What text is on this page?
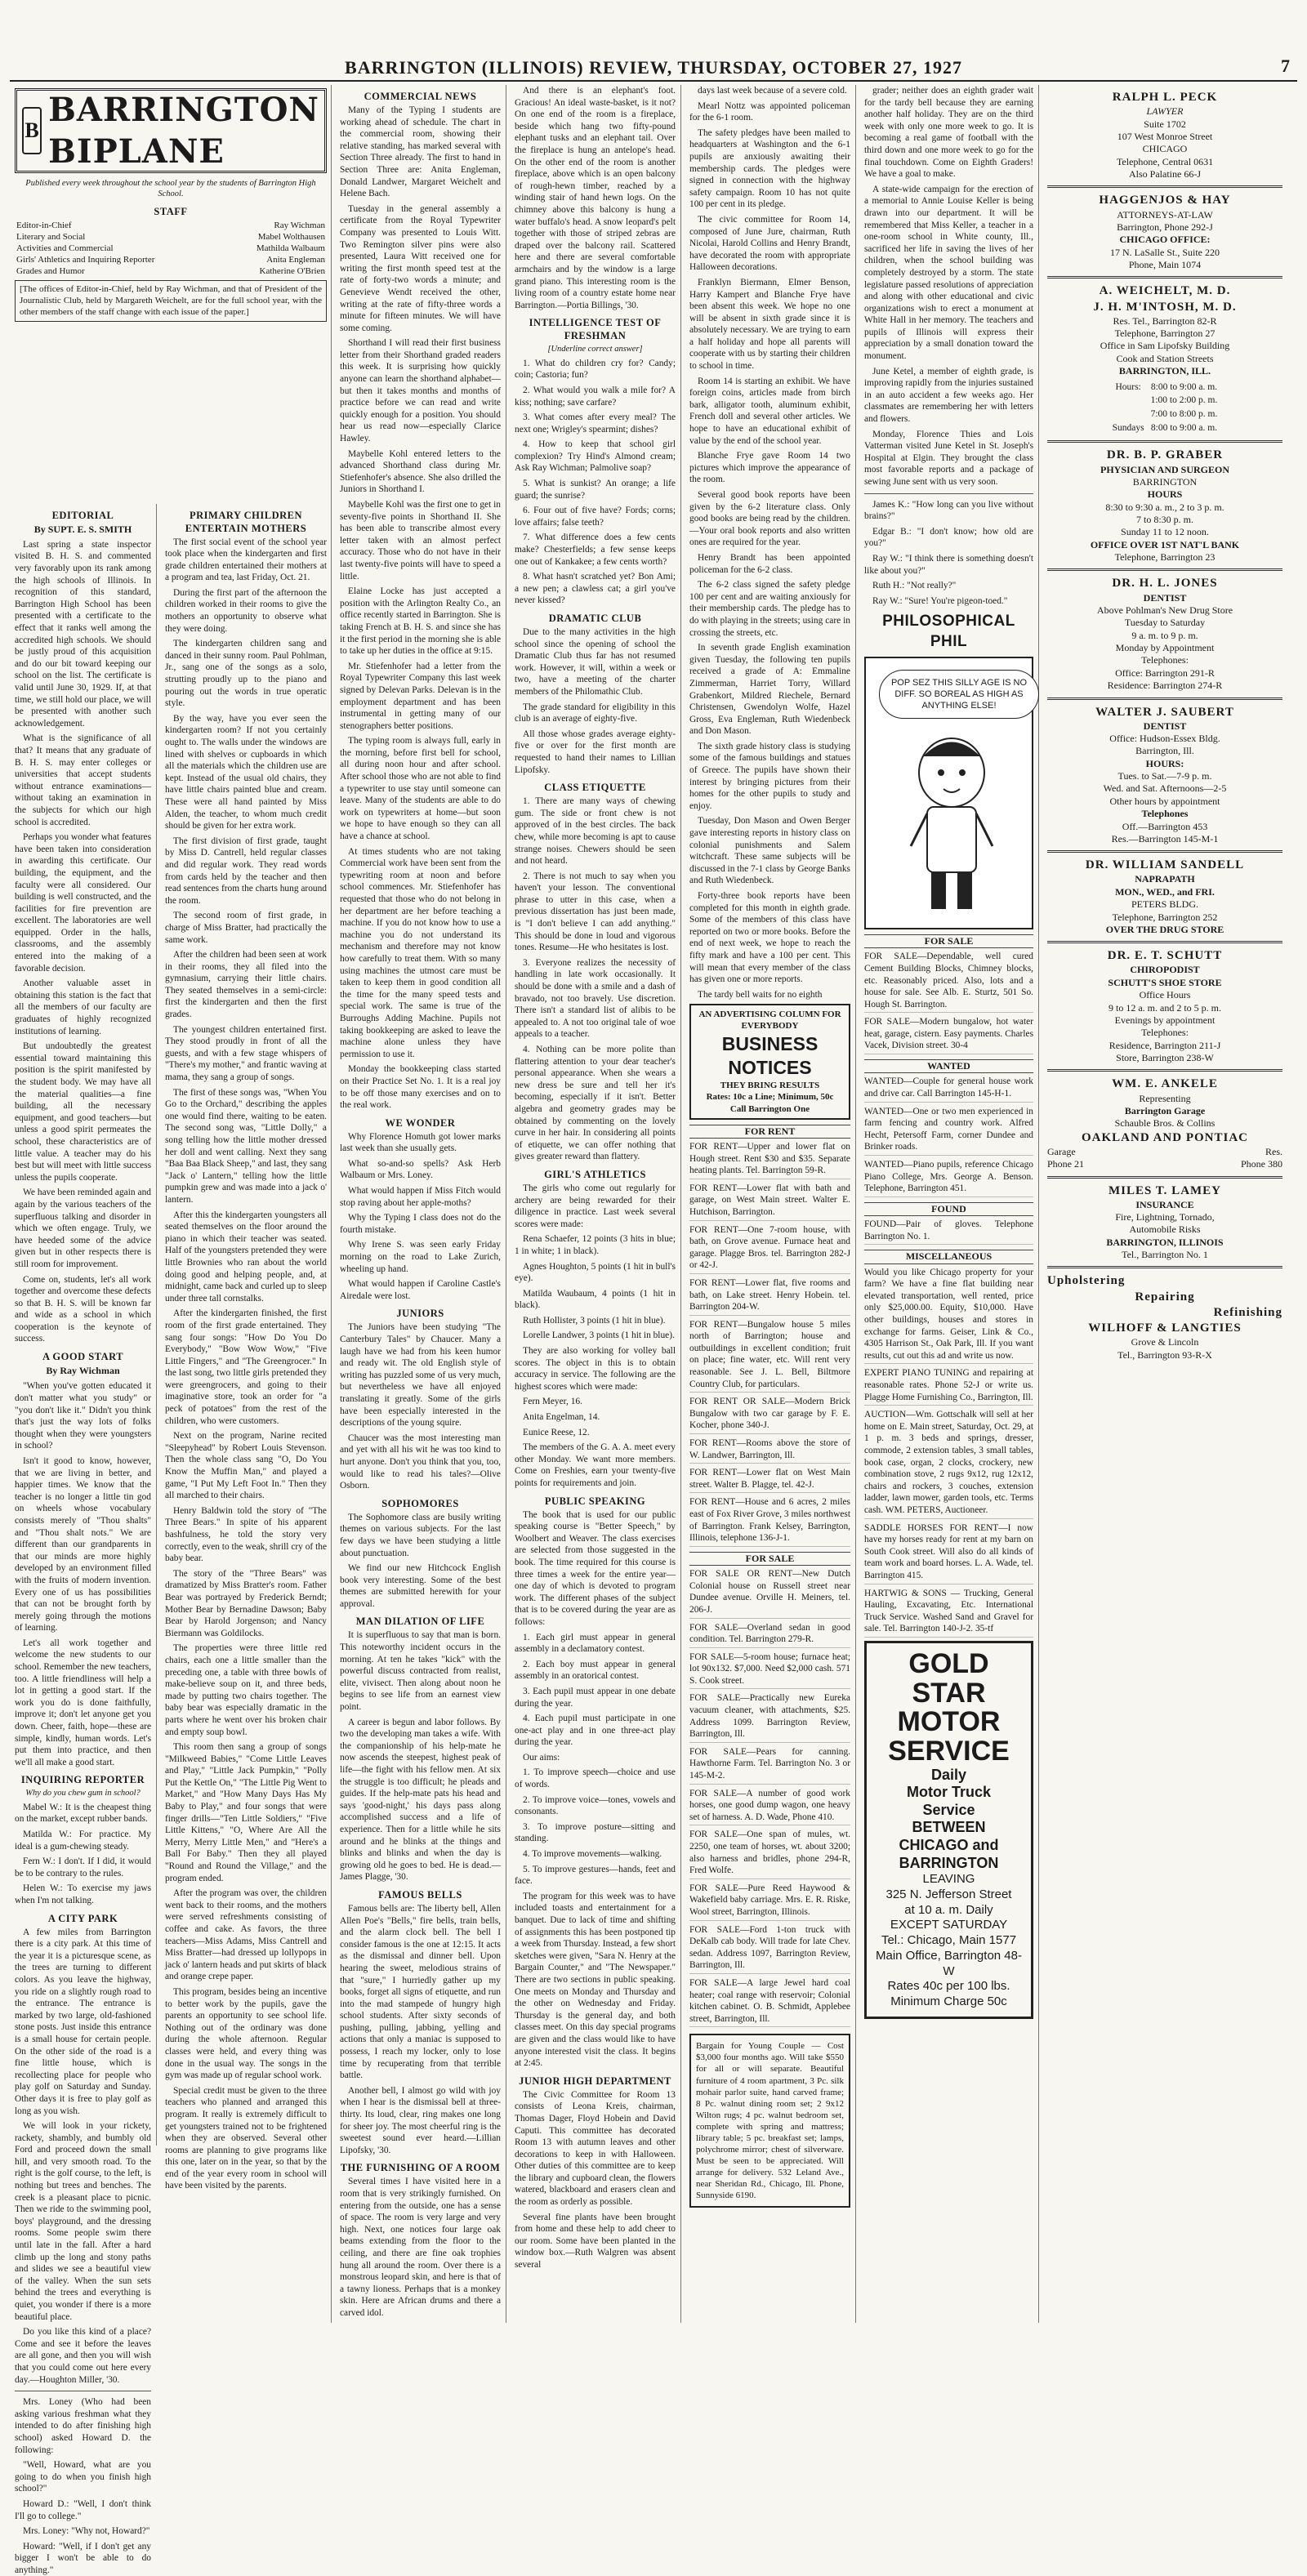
BARRINGTON (ILLINOIS) REVIEW, THURSDAY, OCTOBER 27, 1927	7
B
BARRINGTON BIPLANE
Published every week throughout the school year by the students of Barrington High School.
STAFF
Editor-in-Chief	Ray Wichman
Literary and Social	Mabel Wolthausen
Activities and Commercial	Mathilda Walbaum
Girls' Athletics and Inquiring Reporter	Anita Engleman
Grades and Humor	Katherine O'Brien
[The offices of Editor-in-Chief, held by Ray Wichman, and that of President of the Journalistic Club, held by Margareth Weichelt, are for the full school year, with the other members of the staff change with each issue of the paper.]
EDITORIAL
By SUPT. E. S. SMITH

Last spring a state inspector visited B. H. S. and commented very favorably upon its rank among the high schools of Illinois. In recognition of this standard, Barrington High School has been presented with a certificate to the effect that it ranks well among the accredited high schools. We should be justly proud of this acquisition and do our bit toward keeping our school on the list. The certificate is valid until June 30, 1929. If, at that time, we still hold our place, we will be presented with another such acknowledgement.

What is the significance of all that? It means that any graduate of B. H. S. may enter colleges or universities that accept students without entrance examinations—without taking an examination in the subjects for which our high school is accredited.

Perhaps you wonder what features have been taken into consideration in awarding this certificate. Our building, the equipment, and the faculty were all considered. Our building is well constructed, and the facilities for fire prevention are excellent. The laboratories are well equipped. Order in the halls, classrooms, and the assembly entered into the making of a favorable decision.

Another valuable asset in obtaining this station is the fact that all the members of our faculty are graduates of highly recognized institutions of learning.

But undoubtedly the greatest essential toward maintaining this position is the spirit manifested by the student body. We may have all the material qualities—a fine building, all the necessary equipment, and good teachers—but unless a good spirit permeates the school, these characteristics are of little value. A teacher may do his best but will meet with little success unless the pupils cooperate.

We have been reminded again and again by the various teachers of the superfluous talking and disorder in which we often engage. Truly, we have heeded some of the advice given but in other respects there is still room for improvement.

Come on, students, let's all work together and overcome these defects so that B. H. S. will be known far and wide as a school in which cooperation is the keynote of success.

A GOOD START
By Ray Wichman

"When you've gotten educated it don't matter what you study" or "you don't like it." Didn't you think that's just the way lots of folks thought when they were youngsters in school?

Isn't it good to know, however, that we are living in better, and happier times. We know that the teacher is no longer a little tin god on wheels whose vocabulary consists merely of "Thou shalts" and "Thou shalt nots." We are different than our grandparents in that our minds are more highly developed by an environment filled with the fruits of modern invention. Every one of us has possibilities that can not be brought forth by merely going through the motions of learning.

Let's all work together and welcome the new students to our school. Remember the new teachers, too. A little friendliness will help a lot in getting a good start. If the work you do is done faithfully, improve it; don't let anyone get you down. Cheer, faith, hope—these are simple, kindly, human words. Let's put them into practice, and then we'll all make a good start.

INQUIRING REPORTER
Why do you chew gum in school?

Mabel W.: It is the cheapest thing on the market, except rubber bands.

Matilda W.: For practice. My ideal is a gum-chewing steady.

Fern W.: I don't. If I did, it would be to be contrary to the rules.

Helen W.: To exercise my jaws when I'm not talking.

A CITY PARK

A few miles from Barrington there is a city park. At this time of the year it is a picturesque scene, as the trees are turning to different colors. As you leave the highway, you ride on a slightly rough road to the entrance. The entrance is marked by two large, old-fashioned stone posts. Just inside this entrance is a small house for certain people. On the other side of the road is a fine little house, which is recollecting place for people who play golf on Saturday and Sunday. Other days it is free to play golf as long as you wish.

We will look in your rickety, rackety, shambly, and bumbly old Ford and proceed down the small hill, and very smooth road. To the right is the golf course, to the left, is nothing but trees and benches. The creek is a pleasant place to picnic. Then we ride to the swimming pool, boys' playground, and the dressing rooms. Some people swim there until late in the fall. After a hard climb up the long and stony paths and slides we see a beautiful view of the valley. When the sun sets behind the trees and everything is quiet, you wonder if there is a more beautiful place.

Do you like this kind of a place? Come and see it before the leaves are all gone, and then you will wish that you could come out here every day.—Houghton Miller, '30.

Mrs. Loney (Who had been asking various freshman what they intended to do after finishing high school) asked Howard D. the following:

"Well, Howard, what are you going to do when you finish high school?"

Howard D.: "Well, I don't think I'll go to college."

Mrs. Loney: "Why not, Howard?"

Howard: "Well, if I don't get any bigger I won't be able to do anything."

PRIMARY CHILDREN ENTERTAIN MOTHERS

The first social event of the school year took place when the kindergarten and first grade children entertained their mothers at a program and tea, last Friday, Oct. 21.

During the first part of the afternoon the children worked in their rooms to give the mothers an opportunity to observe what they were doing.

The kindergarten children sang and danced in their sunny room. Paul Pohlman, Jr., sang one of the songs as a solo, strutting proudly up to the piano and pouring out the words in true operatic style.

By the way, have you ever seen the kindergarten room? If not you certainly ought to. The walls under the windows are lined with shelves or cupboards in which all the materials which the children use are kept. Instead of the usual old chairs, they have little chairs painted blue and cream. These were all hand painted by Miss Alden, the teacher, to whom much credit should be given for her extra work.

The first division of first grade, taught by Miss D. Cantrell, held regular classes and did regular work. They read words from cards held by the teacher and then read sentences from the charts hung around the room.

The second room of first grade, in charge of Miss Bratter, had practically the same work.

After the children had been seen at work in their rooms, they all filed into the gymnasium, carrying their little chairs. They seated themselves in a semi-circle: first the kindergarten and then the first grades.

The youngest children entertained first. They stood proudly in front of all the guests, and with a few stage whispers of "There's my mother," and frantic waving at mama, they sang a group of songs.

The first of these songs was, "When You Go to the Orchard," describing the apples one would find there, waiting to be eaten. The second song was, "Little Dolly," a song telling how the little mother dressed her doll and went calling. Next they sang "Baa Baa Black Sheep," and last, they sang "Jack o' Lantern," telling how the little pumpkin grew and was made into a jack o' lantern.

After this the kindergarten youngsters all seated themselves on the floor around the piano in which their teacher was seated. Half of the youngsters pretended they were little Brownies who ran about the world doing good and helping people, and, at midnight, came back and curled up to sleep under three tall cornstalks.

After the kindergarten finished, the first room of the first grade entertained. They sang four songs: "How Do You Do Everybody," "Bow Wow Wow," "Five Little Fingers," and "The Greengrocer." In the last song, two little girls pretended they were greengrocers, and going to their imaginative store, took an order for "a peck of potatoes" from the rest of the children, who were customers.

Next on the program, Narine recited "Sleepyhead" by Robert Louis Stevenson. Then the whole class sang "O, Do You Know the Muffin Man," and played a game, "I Put My Left Foot In." Then they all marched to their chairs.

Henry Baldwin told the story of "The Three Bears." In spite of his apparent bashfulness, he told the story very correctly, even to the weak, shrill cry of the baby bear.

The story of the "Three Bears" was dramatized by Miss Bratter's room. Father Bear was portrayed by Frederick Berndt; Mother Bear by Bernadine Dawson; Baby Bear by Harold Jorgenson; and Nancy Biermann was Goldilocks.

The properties were three little red chairs, each one a little smaller than the preceding one, a table with three bowls of make-believe soup on it, and three beds, made by putting two chairs together. The baby bear was especially dramatic in the parts where he went over his broken chair and empty soup bowl.

This room then sang a group of songs "Milkweed Babies," "Come Little Leaves and Play," "Little Jack Pumpkin," "Polly Put the Kettle On," "The Little Pig Went to Market," and "How Many Days Has My Baby to Play," and four songs that were finger drills—"Ten Little Soldiers," "Five Little Kittens," "O, Where Are All the Merry, Merry Little Men," and "Here's a Ball For Baby." Then they all played "Round and Round the Village," and the program ended.

After the program was over, the children went back to their rooms, and the mothers were served refreshments consisting of coffee and cake. As favors, the three teachers—Miss Adams, Miss Cantrell and Miss Bratter—had dressed up lollypops in jack o' lantern heads and put skirts of black and orange crepe paper.

This program, besides being an incentive to better work by the pupils, gave the parents an opportunity to see school life. Nothing out of the ordinary was done during the whole afternoon. Regular classes were held, and every thing was done in the usual way. The songs in the gym was made up of regular school work.

Special credit must be given to the three teachers who planned and arranged this program. It really is extremely difficult to get youngsters trained not to be frightened when they are observed. Several other rooms are planning to give programs like this one, later on in the year, so that by the end of the year every room in school will have been visited by the parents.

COMMERCIAL NEWS

Many of the Typing I students are working ahead of schedule. The chart in the commercial room, showing their relative standing, has marked several with Section Three already. The first to hand in Section Three are: Anita Engleman, Donald Landwer, Margaret Weichelt and Helene Bach.

Tuesday in the general assembly a certificate from the Royal Typewriter Company was presented to Louis Witt. Two Remington silver pins were also presented, Laura Witt received one for writing the first month speed test at the rate of forty-two words a minute; and Genevieve Wendt received the other, writing at the rate of fifty-three words a minute for fifteen minutes. We will have some coming.

Shorthand I will read their first business letter from their Shorthand graded readers this week. It is surprising how quickly anyone can learn the shorthand alphabet—but then it takes months and months of practice before we can read and write quickly enough for a position. You should hear us read now—especially Clarice Hawley.

Maybelle Kohl entered letters to the advanced Shorthand class during Mr. Stiefenhofer's absence. She also drilled the Juniors in Shorthand I.

Maybelle Kohl was the first one to get in seventy-five points in Shorthand II. She has been able to transcribe almost every letter taken with an almost perfect accuracy. Those who do not have in their last twenty-five points will have to speed a little.

Elaine Locke has just accepted a position with the Arlington Realty Co., an office recently started in Barrington. She is taking French at B. H. S. and since she has it the first period in the morning she is able to take up her duties in the office at 9:15.

Mr. Stiefenhofer had a letter from the Royal Typewriter Company this last week signed by Delevan Parks. Delevan is in the employment department and has been instrumental in getting many of our stenographers better positions.

The typing room is always full, early in the morning, before first bell for school, all during noon hour and after school. After school those who are not able to find a typewriter to use stay until someone can leave. Many of the students are able to do work on typewriters at home—but soon we hope to have enough so they can all have a chance at school.

At times students who are not taking Commercial work have been sent from the typewriting room at noon and before school commences. Mr. Stiefenhofer has requested that those who do not belong in her department are her before teaching a machine. If you do not know how to use a machine you do not understand its mechanism and therefore may not know how carefully to treat them. With so many using machines the utmost care must be taken to keep them in good condition all the time for the many speed tests and special work. The same is true of the Burroughs Adding Machine. Pupils not taking bookkeeping are asked to leave the machine alone unless they have permission to use it.

Monday the bookkeeping class started on their Practice Set No. 1. It is a real joy to be off those many exercises and on to the real work.

WE WONDER

Why Florence Homuth got lower marks last week than she usually gets.

What so-and-so spells? Ask Herb Walbaum or Mrs. Loney.

What would happen if Miss Fitch would stop raving about her apple-moths?

Why the Typing I class does not do the fourth mistake.

Why Irene S. was seen early Friday morning on the road to Lake Zurich, wheeling up hand.

What would happen if Caroline Castle's Airedale were lost.

JUNIORS

The Juniors have been studying "The Canterbury Tales" by Chaucer. Many a laugh have we had from his keen humor and ready wit. The old English style of writing has puzzled some of us very much, but nevertheless we have all enjoyed translating it greatly. Some of the girls have been especially interested in the descriptions of the young squire.

Chaucer was the most interesting man and yet with all his wit he was too kind to hurt anyone. Don't you think that you, too, would like to read his tales?—Olive Osborn.

SOPHOMORES

The Sophomore class are busily writing themes on various subjects. For the last few days we have been studying a little about punctuation.

We find our new Hitchcock English book very interesting. Some of the best themes are submitted herewith for your approval.

MAN DILATION OF LIFE

It is superfluous to say that man is born. This noteworthy incident occurs in the morning. At ten he takes "kick" with the powerful discuss contracted from realist, elite, vivisect. Then along about noon he begins to see life from an earnest view point.

A career is begun and labor follows. By two the developing man takes a wife. With the companionship of his help-mate he now ascends the steepest, highest peak of life—the fight with his fellow men. At six the struggle is too difficult; he pleads and guides. If the help-mate pats his head and says 'good-night,' his days pass along accomplished success and a life of experience. Then for a little while he sits around and he blinks at the things and blinks and blinks and when the day is growing old he goes to bed. He is dead.—James Plagge, '30.

FAMOUS BELLS

Famous bells are: The liberty bell, Allen Allen Poe's "Bells," fire bells, train bells, and the alarm clock bell. The bell I consider famous is the one at 12:15. It acts as the dismissal and dinner bell. Upon hearing the sweet, melodious strains of that "sure," I hurriedly gather up my books, forget all signs of etiquette, and run into the mad stampede of hungry high school students. After sixty seconds of pushing, pulling, jabbing, yelling and actions that only a maniac is supposed to possess, I reach my locker, only to lose time by recuperating from that terrible battle.

Another bell, I almost go wild with joy when I hear is the dismissal bell at three-thirty. Its loud, clear, ring makes one long for sheer joy. The most cheerful ring is the sweetest sound ever heard.—Lillian Lipofsky, '30.

THE FURNISHING OF A ROOM

Several times I have visited here in a room that is very strikingly furnished. On entering from the outside, one has a sense of space. The room is very large and very high. Next, one notices four large oak beams extending from the floor to the ceiling, and there are fine oak trophies hung all around the room. Over there is a monstrous leopard skin, and here is that of a tawny lioness. Perhaps that is a monkey skin. Here are African drums and there a carved idol.

And there is an elephant's foot. Gracious! An ideal waste-basket, is it not? On one end of the room is a fireplace, beside which hang two fifty-pound elephant tusks and an elephant tail. Over the fireplace is hung an antelope's head. On the other end of the room is another fireplace, above which is an open balcony of rough-hewn timber, reached by a winding stair of hand hewn logs. On the chimney above this balcony is hung a water buffalo's head. A snow leopard's pelt together with those of striped zebras are draped over the balcony rail. Scattered here and there are several comfortable armchairs and by the window is a large grand piano. This interesting room is the living room of a country estate home near Barrington.—Portia Billings, '30.

INTELLIGENCE TEST OF FRESHMAN
[Underline correct answer]

1. What do children cry for? Candy; coin; Castoria; fun?

2. What would you walk a mile for? A kiss; nothing; save carfare?

3. What comes after every meal? The next one; Wrigley's spearmint; dishes?

4. How to keep that school girl complexion? Try Hind's Almond cream; Ask Ray Wichman; Palmolive soap?

5. What is sunkist? An orange; a life guard; the sunrise?

6. Four out of five have? Fords; corns; love affairs; false teeth?

7. What difference does a few cents make? Chesterfields; a few sense keeps one out of Kankakee; a few cents worth?

8. What hasn't scratched yet? Bon Ami; a new pen; a clawless cat; a girl you've never kissed?

DRAMATIC CLUB

Due to the many activities in the high school since the opening of school the Dramatic Club thus far has not resumed work. However, it will, within a week or two, have a meeting of the charter members of the Philomathic Club.

The grade standard for eligibility in this club is an average of eighty-five.

All those whose grades average eighty-five or over for the first month are requested to hand their names to Lillian Lipofsky.

CLASS ETIQUETTE

1. There are many ways of chewing gum. The side or front chew is not approved of in the best circles. The back chew, while more becoming is apt to cause strange noises. Chewers should be seen and not heard.

2. There is not much to say when you haven't your lesson. The conventional phrase to utter in this case, when a previous dissertation has just been made, is "I don't believe I can add anything." This should be done in loud and vigorous tones. Resume—He who hesitates is lost.

3. Everyone realizes the necessity of handling in late work occasionally. It should be done with a smile and a dash of bravado, not too bravely. Use discretion. There isn't a standard list of alibis to be appealed to. A not too original tale of woe appeals to a teacher.

4. Nothing can be more polite than flattering attention to your dear teacher's personal appearance. When she wears a new dress be sure and tell her it's becoming, especially if it isn't. Better algebra and geometry grades may be obtained by commenting on the lovely curve in her hair. In considering all points of etiquette, we can offer nothing that gives greater reward than flattery.

GIRL'S ATHLETICS

The girls who come out regularly for archery are being rewarded for their diligence in practice. Last week several scores were made:

Rena Schaefer, 12 points (3 hits in blue; 1 in white; 1 in black).

Agnes Houghton, 5 points (1 hit in bull's eye).

Matilda Waubaum, 4 points (1 hit in black).

Ruth Hollister, 3 points (1 hit in blue).

Lorelle Landwer, 3 points (1 hit in blue).

They are also working for volley ball scores. The object in this is to obtain accuracy in service. The following are the highest scores which were made:

Fern Meyer, 16.

Anita Engelman, 14.

Eunice Reese, 12.

The members of the G. A. A. meet every other Monday. We want more members. Come on Freshies, earn your twenty-five points for requirements and join.

PUBLIC SPEAKING

The book that is used for our public speaking course is "Better Speech," by Woolbert and Weaver. The class exercises are selected from those suggested in the book. The time required for this course is three times a week for the entire year—one day of which is devoted to program work. The different phases of the subject that is to be covered during the year are as follows:

1. Each girl must appear in general assembly in a declamatory contest.

2. Each boy must appear in general assembly in an oratorical contest.

3. Each pupil must appear in one debate during the year.

4. Each pupil must participate in one one-act play and in one three-act play during the year.

Our aims:

1. To improve speech—choice and use of words.

2. To improve voice—tones, vowels and consonants.

3. To improve posture—sitting and standing.

4. To improve movements—walking.

5. To improve gestures—hands, feet and face.

The program for this week was to have included toasts and entertainment for a banquet. Due to lack of time and shifting of assignments this has been postponed tip a week from Thursday. Instead, a few short sketches were given, "Sara N. Henry at the Bargain Counter," and "The Newspaper." There are two sections in public speaking. One meets on Monday and Thursday and the other on Wednesday and Friday. Thursday is the general day, and both classes meet. On this day special programs are given and the class would like to have anyone interested visit the class. It begins at 2:45.

JUNIOR HIGH DEPARTMENT

The Civic Committee for Room 13 consists of Leona Kreis, chairman, Thomas Dager, Floyd Hobein and David Caputi. This committee has decorated Room 13 with autumn leaves and other decorations to keep in with Halloween. Other duties of this committee are to keep the library and cupboard clean, the flowers watered, blackboard and erasers clean and the room as orderly as possible.

Several fine plants have been brought from home and these help to add cheer to our room. Some have been planted in the window box.—Ruth Walgren was absent several

days last week because of a severe cold.

Mearl Nottz was appointed policeman for the 6-1 room.

The safety pledges have been mailed to headquarters at Washington and the 6-1 pupils are anxiously awaiting their membership cards. The pledges were signed in connection with the highway safety campaign. Room 10 has not quite 100 per cent in its pledge.

The civic committee for Room 14, composed of June Jure, chairman, Ruth Nicolai, Harold Collins and Henry Brandt, have decorated the room with appropriate Halloween decorations.

Franklyn Biermann, Elmer Benson, Harry Kampert and Blanche Frye have been absent this week. We hope no one will be absent in sixth grade since it is absolutely necessary. We are trying to earn a half holiday and hope all parents will cooperate with us by starting their children to school in time.

Room 14 is starting an exhibit. We have foreign coins, articles made from birch bark, alligator tooth, aluminum exhibit, French doll and several other articles. We hope to have an educational exhibit of value by the end of the school year.

Blanche Frye gave Room 14 two pictures which improve the appearance of the room.

Several good book reports have been given by the 6-2 literature class. Only good books are being read by the children.—Your oral book reports and also written ones are required for the year.

Henry Brandt has been appointed policeman for the 6-2 class.

The 6-2 class signed the safety pledge 100 per cent and are waiting anxiously for their membership cards. The pledge has to do with playing in the streets; using care in crossing the streets, etc.

In seventh grade English examination given Tuesday, the following ten pupils received a grade of A: Emmaline Zimmerman, Harriet Torry, Willard Grabenkort, Mildred Riechele, Bernard Christensen, Gwendolyn Wolfe, Hazel Gross, Eva Engleman, Ruth Wiedenbeck and Don Mason.

The sixth grade history class is studying some of the famous buildings and statues of Greece. The pupils have shown their interest by bringing pictures from their homes for the other pupils to study and enjoy.

Tuesday, Don Mason and Owen Berger gave interesting reports in history class on colonial punishments and Salem witchcraft. These same subjects will be discussed in the 7-1 class by George Banks and Ruth Wiedenbeck.

Forty-three book reports have been completed for this month in eighth grade. Some of the members of this class have reported on two or more books. Before the end of next week, we hope to reach the fifty mark and have a 100 per cent. This will mean that every member of the class has given one or more reports.

The tardy bell waits for no eighth

AN ADVERTISING COLUMN FOR EVERYBODY
BUSINESS NOTICES
THEY BRING RESULTS
Rates: 10c a Line; Minimum, 50c
Call Barrington One
FOR RENT

FOR RENT—Upper and lower flat on Hough street. Rent $30 and $35. Separate heating plants. Tel. Barrington 59-R.

FOR RENT—Lower flat with bath and garage, on West Main street. Walter E. Hutchison, Barrington.

FOR RENT—One 7-room house, with bath, on Grove avenue. Furnace heat and garage. Plagge Bros. tel. Barrington 282-J or 42-J.

FOR RENT—Lower flat, five rooms and bath, on Lake street. Henry Hobein. tel. Barrington 204-W.

FOR RENT—Bungalow house 5 miles north of Barrington; house and outbuildings in excellent condition; fruit on place; fine water, etc. Will rent very reasonable. See J. L. Bell, Biltmore Country Club, for particulars.

FOR RENT OR SALE—Modern Brick Bungalow with two car garage by F. E. Kocher, phone 340-J.

FOR RENT—Rooms above the store of W. Landwer, Barrington, Ill.

FOR RENT—Lower flat on West Main street. Walter B. Plagge, tel. 42-J.

FOR RENT—House and 6 acres, 2 miles east of Fox River Grove, 3 miles northwest of Barrington. Frank Kelsey, Barrington, Illinois, telephone 136-J-1.

FOR SALE

FOR SALE OR RENT—New Dutch Colonial house on Russell street near Dundee avenue. Orville H. Meiners, tel. 206-J.

FOR SALE—Overland sedan in good condition. Tel. Barrington 279-R.

FOR SALE—5-room house; furnace heat; lot 90x132. $7,000. Need $2,000 cash. 571 S. Cook street.

FOR SALE—Practically new Eureka vacuum cleaner, with attachments, $25. Address 1099. Barrington Review, Barrington, Ill.

FOR SALE—Pears for canning. Hawthorne Farm. Tel. Barrington No. 3 or 145-M-2.

FOR SALE—A number of good work horses, one good dump wagon, one heavy set of harness. A. D. Wade, Phone 410.

FOR SALE—One span of mules, wt. 2250, one team of horses, wt. about 3200; also harness and bridles, phone 294-R, Fred Wolfe.

FOR SALE—Pure Reed Haywood & Wakefield baby carriage. Mrs. E. R. Riske, Wool street, Barrington, Illinois.

FOR SALE—Ford 1-ton truck with DeKalb cab body. Will trade for late Chev. sedan. Address 1097, Barrington Review, Barrington, Ill.

FOR SALE—A large Jewel hard coal heater; coal range with reservoir; Colonial kitchen cabinet. O. B. Schmidt, Applebee street, Barrington, Ill.

Bargain for Young Couple — Cost $3,000 four months ago. Will take $550 for all or will separate. Beautiful furniture of 4 room apartment, 3 Pc. silk mohair parlor suite, hand carved frame; 8 Pc. walnut dining room set; 2 9x12 Wilton rugs; 4 pc. walnut bedroom set, complete with spring and mattress; library table; 5 pc. breakfast set; lamps, polychrome mirror; chest of silverware. Must be seen to be appreciated. Will arrange for delivery. 532 Leland Ave., near Sheridan Rd., Chicago, Ill. Phone, Sunnyside 6190.

grader; neither does an eighth grader wait for the tardy bell because they are earning another half holiday. They are on the third week with only one more week to go. It is becoming a real game of football with the third down and one more week to go for the final touchdown. Come on Eighth Graders! We have a goal to make.

A state-wide campaign for the erection of a memorial to Annie Louise Keller is being drawn into our department. It will be remembered that Miss Keller, a teacher in a one-room school in White county, Ill., sacrificed her life in saving the lives of her children, when the school building was completely destroyed by a storm. The state legislature passed resolutions of appreciation and along with other educational and civic organizations wish to erect a monument at White Hall in her memory. The teachers and pupils of Illinois will express their appreciation by a small donation toward the monument.

June Ketel, a member of eighth grade, is improving rapidly from the injuries sustained in an auto accident a few weeks ago. Her classmates are remembering her with letters and flowers.

Monday, Florence Thies and Lois Vatterman visited June Ketel in St. Joseph's Hospital at Elgin. They brought the class most favorable reports and a package of sewing June sent with us very soon.

James K.: "How long can you live without brains?"

Edgar B.: "I don't know; how old are you?"

Ray W.: "I think there is something doesn't like about you?"

Ruth H.: "Not really?"

Ray W.: "Sure! You're pigeon-toed."

PHILOSOPHICAL PHIL
POP SEZ THIS SILLY AGE IS NO DIFF. SO BOREAL AS HIGH AS ANYTHING ELSE!
FOR SALE

FOR SALE—Dependable, well cured Cement Building Blocks, Chimney blocks, etc. Reasonably priced. Also, lots and a house for sale. See Alb. E. Sturtz, 501 So. Hough St. Barrington.

FOR SALE—Modern bungalow, hot water heat, garage, cistern. Easy payments. Charles Vacek, Division street. 30-4

WANTED

WANTED—Couple for general house work and drive car. Call Barrington 145-H-1.

WANTED—One or two men experienced in farm fencing and country work. Alfred Hecht, Petersoff Farm, corner Dundee and Brinker roads.

WANTED—Piano pupils, reference Chicago Piano College, Mrs. George A. Benson. Telephone, Barrington 451.

FOUND

FOUND—Pair of gloves. Telephone Barrington No. 1.

MISCELLANEOUS

Would you like Chicago property for your farm? We have a fine flat building near elevated transportation, well rented, price only $25,000.00. Equity, $10,000. Have other buildings, houses and stores in exchange for farms. Geiser, Link & Co., 4305 Harrison St., Oak Park, Ill. If you want results, cut out this ad and write us now.

EXPERT PIANO TUNING and repairing at reasonable rates. Phone 52-J or write us. Plagge Home Furnishing Co., Barrington, Ill.

AUCTION—Wm. Gottschalk will sell at her home on E. Main street, Saturday, Oct. 29, at 1 p. m. 3 beds and springs, dresser, commode, 2 extension tables, 3 small tables, book case, organ, 2 clocks, crockery, new combination stove, 2 rugs 9x12, rug 12x12, chairs and rockers, 3 couches, extension ladder, lawn mower, garden tools, etc. Terms cash. WM. PETERS, Auctioneer.

SADDLE HORSES FOR RENT—I now have my horses ready for rent at my barn on South Cook street. Will also do all kinds of team work and board horses. L. A. Wade, tel. Barrington 415.

HARTWIG & SONS — Trucking, General Hauling, Excavating, Etc. International Truck Service. Washed Sand and Gravel for sale. Tel. Barrington 140-J-2. 35-tf

GOLD STAR
MOTOR
SERVICE
Daily
Motor Truck
Service
BETWEEN
CHICAGO and
BARRINGTON
LEAVING
325 N. Jefferson Street
at 10 a. m. Daily
EXCEPT SATURDAY
Tel.: Chicago, Main 1577
Main Office, Barrington 48-W
Rates 40c per 100 lbs.
Minimum Charge 50c
RALPH L. PECK
LAWYER
Suite 1702
107 West Monroe Street
CHICAGO
Telephone, Central 0631
Also Palatine 66-J
HAGGENJOS & HAY
ATTORNEYS-AT-LAW
Barrington, Phone 292-J
CHICAGO OFFICE:
17 N. LaSalle St., Suite 220
Phone, Main 1074
A. WEICHELT, M. D.
J. H. M'INTOSH, M. D.
Res. Tel., Barrington 82-R
Telephone, Barrington 27
Office in Sam Lipofsky Building
Cook and Station Streets
BARRINGTON, ILL.
Hours:	8:00 to 9:00 a. m.
	1:00 to 2:00 p. m.
	7:00 to 8:00 p. m.
Sundays	8:00 to 9:00 a. m.
DR. B. P. GRABER
PHYSICIAN AND SURGEON
BARRINGTON
HOURS
8:30 to 9:30 a. m., 2 to 3 p. m.
7 to 8:30 p. m.
Sunday 11 to 12 noon.
OFFICE OVER 1ST NAT'L BANK
Telephone, Barrington 23
DR. H. L. JONES
DENTIST
Above Pohlman's New Drug Store
Tuesday to Saturday
9 a. m. to 9 p. m.
Monday by Appointment
Telephones:
Office: Barrington 291-R
Residence: Barrington 274-R
WALTER J. SAUBERT
DENTIST
Office: Hudson-Essex Bldg.
Barrington, Ill.
HOURS:
Tues. to Sat.—7-9 p. m.
Wed. and Sat. Afternoons—2-5
Other hours by appointment
Telephones
Off.—Barrington 453
Res.—Barrington 145-M-1
DR. WILLIAM SANDELL
NAPRAPATH
MON., WED., and FRI.
PETERS BLDG.
Telephone, Barrington 252
OVER THE DRUG STORE
DR. E. T. SCHUTT
CHIROPODIST
SCHUTT'S SHOE STORE
Office Hours
9 to 12 a. m. and 2 to 5 p. m.
Evenings by appointment
Telephones:
Residence, Barrington 211-J
Store, Barrington 238-W
WM. E. ANKELE
Representing
Barrington Garage
Schauble Bros. & Collins
OAKLAND AND PONTIAC
Garage	Res.
Phone 21	Phone 380
MILES T. LAMEY
INSURANCE
Fire, Lightning, Tornado,
Automobile Risks
BARRINGTON, ILLINOIS
Tel., Barrington No. 1
Upholstering
Repairing
Refinishing
WILHOFF & LANGTIES
Grove & Lincoln
Tel., Barrington 93-R-X
